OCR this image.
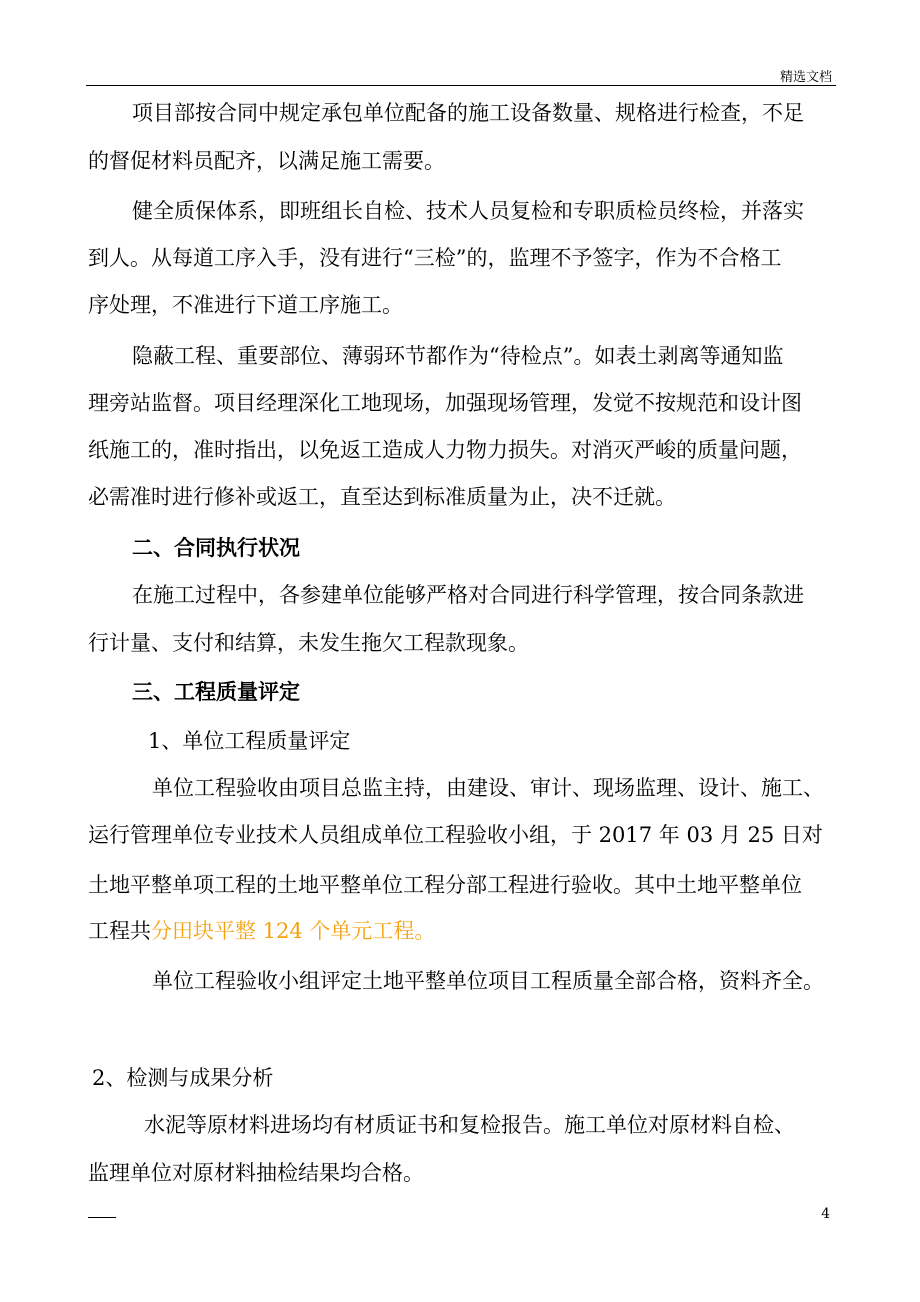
精选文档
项目部按合同中规定承包单位配备的施工设备数量、规格进行检查，不足
的督促材料员配齐，以满足施工需要。
健全质保体系，即班组长自检、技术人员复检和专职质检员终检，并落实
到人。从每道工序入手，没有进行“三检”的，监理不予签字，作为不合格工
序处理，不准进行下道工序施工。
隐蔽工程、重要部位、薄弱环节都作为“待检点”。如表土剥离等通知监
理旁站监督。项目经理深化工地现场，加强现场管理，发觉不按规范和设计图
纸施工的，准时指出，以免返工造成人力物力损失。对消灭严峻的质量问题，
必需准时进行修补或返工，直至达到标准质量为止，决不迁就。
二、合同执行状况
在施工过程中，各参建单位能够严格对合同进行科学管理，按合同条款进
行计量、支付和结算，未发生拖欠工程款现象。
三、工程质量评定
1、单位工程质量评定
单位工程验收由项目总监主持，由建设、审计、现场监理、设计、施工、
运行管理单位专业技术人员组成单位工程验收小组，于 2017 年 03 月 25 日对
土地平整单项工程的土地平整单位工程分部工程进行验收。其中土地平整单位
工程共分田块平整 124 个单元工程。
单位工程验收小组评定土地平整单位项目工程质量全部合格，资料齐全。
2、检测与成果分析
水泥等原材料进场均有材质证书和复检报告。施工单位对原材料自检、
监理单位对原材料抽检结果均合格。
4
